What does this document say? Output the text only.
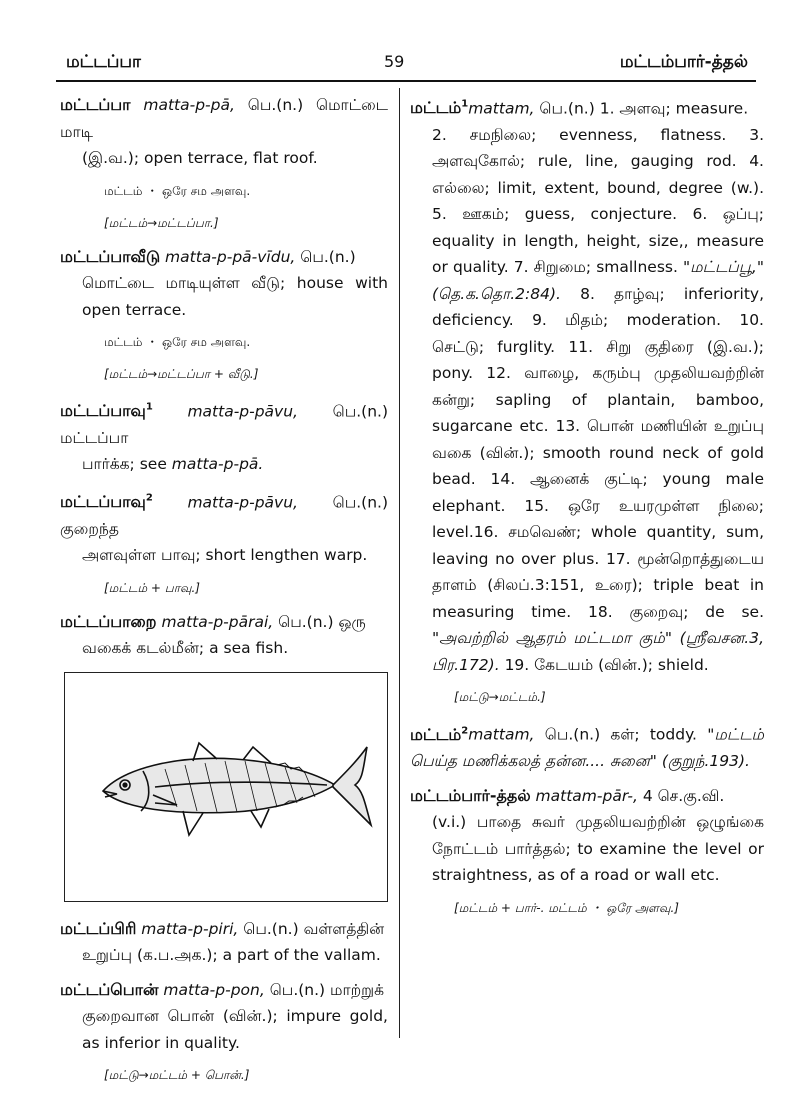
மட்டப்பா	59	மட்டம்பார்-த்தல்
மட்டப்பா matta-p-pā, பெ.(n.) மொட்டை மாடி
(இ.வ.); open terrace, flat roof.
மட்டம் ・ ஒரே சம அளவு.
[மட்டம்→மட்டப்பா.]
மட்டப்பாவீடு matta-p-pā-vīdu, பெ.(n.)
மொட்டை மாடியுள்ள வீடு; house with open terrace.
மட்டம் ・ ஒரே சம அளவு.
[மட்டம்→மட்டப்பா + வீடு.]
மட்டப்பாவு$^1$ matta-p-pāvu, பெ.(n.) மட்டப்பா
பார்க்க; see matta-p-pā.
மட்டப்பாவு$^2$ matta-p-pāvu, பெ.(n.) குறைந்த
அளவுள்ள பாவு; short lengthen warp.
[மட்டம் + பாவு.]
மட்டப்பாறை matta-p-pārai, பெ.(n.) ஒரு
வகைக் கடல்மீன்; a sea fish.
மட்டப்பிரி matta-p-piri, பெ.(n.) வள்ளத்தின்
உறுப்பு (க.ப.அக.); a part of the vallam.
மட்டப்பொன் matta-p-pon, பெ.(n.) மாற்றுக்
குறைவான பொன் (வின்.); impure gold, as inferior in quality.
[மட்டு→மட்டம் + பொன்.]
மட்டம்$^1$mattam, பெ.(n.) 1. அளவு; measure.
2. சமநிலை; evenness, flatness. 3. அளவுகோல்; rule, line, gauging rod. 4. எல்லை; limit, extent, bound, degree (w.). 5. ஊகம்; guess, conjecture. 6. ஒப்பு; equality in length, height, size,, measure or quality. 7. சிறுமை; smallness. "மட்டப்பூ," (தெ.க.தொ.2:84). 8. தாழ்வு; inferiority, deficiency. 9. மிதம்; moderation. 10. செட்டு; furglity. 11. சிறு குதிரை (இ.வ.); pony. 12. வாழை, கரும்பு முதலியவற்றின் கன்று; sapling of plantain, bamboo, sugarcane etc. 13. பொன் மணியின் உறுப்பு வகை (வின்.); smooth round neck of gold bead. 14. ஆனைக் குட்டி; young male elephant. 15. ஒரே உயரமுள்ள நிலை; level.16. சமவெண்; whole quantity, sum, leaving no over plus. 17. மூன்றொத்துடைய தாளம் (சிலப்.3:151, உரை); triple beat in measuring time. 18. குறைவு; de se. "அவற்றில் ஆதரம் மட்டமா கும்" (ஸ்ரீவசன.3, பிர.172). 19. கேடயம் (வின்.); shield.
[மட்டு→மட்டம்.]
மட்டம்$^2$mattam, பெ.(n.) கள்; toddy. "மட்டம் பெய்த மணிக்கலத் தன்ன.... சுனை" (குறுந்.193).
மட்டம்பார்-த்தல் mattam-pār-, 4 செ.கு.வி.
(v.i.) பாதை சுவர் முதலியவற்றின் ஒழுங்கை நோட்டம் பார்த்தல்; to examine the level or straightness, as of a road or wall etc.
[மட்டம் + பார்-. மட்டம் ・ ஒரே அளவு.]
